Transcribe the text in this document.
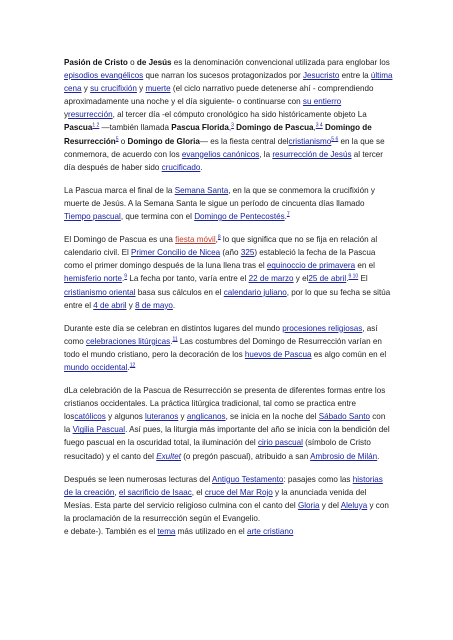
Pasión de Cristo o de Jesús es la denominación convencional utilizada para englobar los episodios evangélicos que narran los sucesos protagonizados por Jesucristo entre la última cena y su crucifixión y muerte (el ciclo narrativo puede detenerse ahí - comprendiendo aproximadamente una noche y el día siguiente- o continuarse con su entierro yresurrección, al tercer día -el cómputo cronológico ha sido históricamente objeto La Pascua$^{1 2}$ —también llamada Pascua Florida,$^3$ Domingo de Pascua,$^{3 4}$ Domingo de Resurrección$^5$ o Domingo de Gloria— es la fiesta central delcristianismo$^{5 6}$ en la que se conmemora, de acuerdo con los evangelios canónicos, la resurrección de Jesús al tercer día después de haber sido crucificado.

La Pascua marca el final de la Semana Santa, en la que se conmemora la crucifixión y muerte de Jesús. A la Semana Santa le sigue un período de cincuenta días llamado Tiempo pascual, que termina con el Domingo de Pentecostés.$^7$

El Domingo de Pascua es una fiesta móvil,$^8$ lo que significa que no se fija en relación al calendario civil. El Primer Concilio de Nicea (año 325) estableció la fecha de la Pascua como el primer domingo después de la luna llena tras el equinoccio de primavera en el hemisferio norte.$^9$ La fecha por tanto, varía entre el 22 de marzo y el25 de abril.$^{9 10}$ El cristianismo oriental basa sus cálculos en el calendario juliano, por lo que su fecha se sitúa entre el 4 de abril y 8 de mayo.

Durante este día se celebran en distintos lugares del mundo procesiones religiosas, así como celebraciones litúrgicas.$^{11}$ Las costumbres del Domingo de Resurrección varían en todo el mundo cristiano, pero la decoración de los huevos de Pascua es algo común en el mundo occidental.$^{12}$

dLa celebración de la Pascua de Resurrección se presenta de diferentes formas entre los cristianos occidentales. La práctica litúrgica tradicional, tal como se practica entre loscatólicos y algunos luteranos y anglicanos, se inicia en la noche del Sábado Santo con la Vigilia Pascual. Así pues, la liturgia más importante del año se inicia con la bendición del fuego pascual en la oscuridad total, la iluminación del cirio pascual (símbolo de Cristo resucitado) y el canto del Exultet (o pregón pascual), atribuido a san Ambrosio de Milán.

Después se leen numerosas lecturas del Antiguo Testamento: pasajes como las historias de la creación, el sacrificio de Isaac, el cruce del Mar Rojo y la anunciada venida del Mesías. Esta parte del servicio religioso culmina con el canto del Gloria y del Aleluya y con la proclamación de la resurrección según el Evangelio.

e debate-). También es el tema más utilizado en el arte cristiano
